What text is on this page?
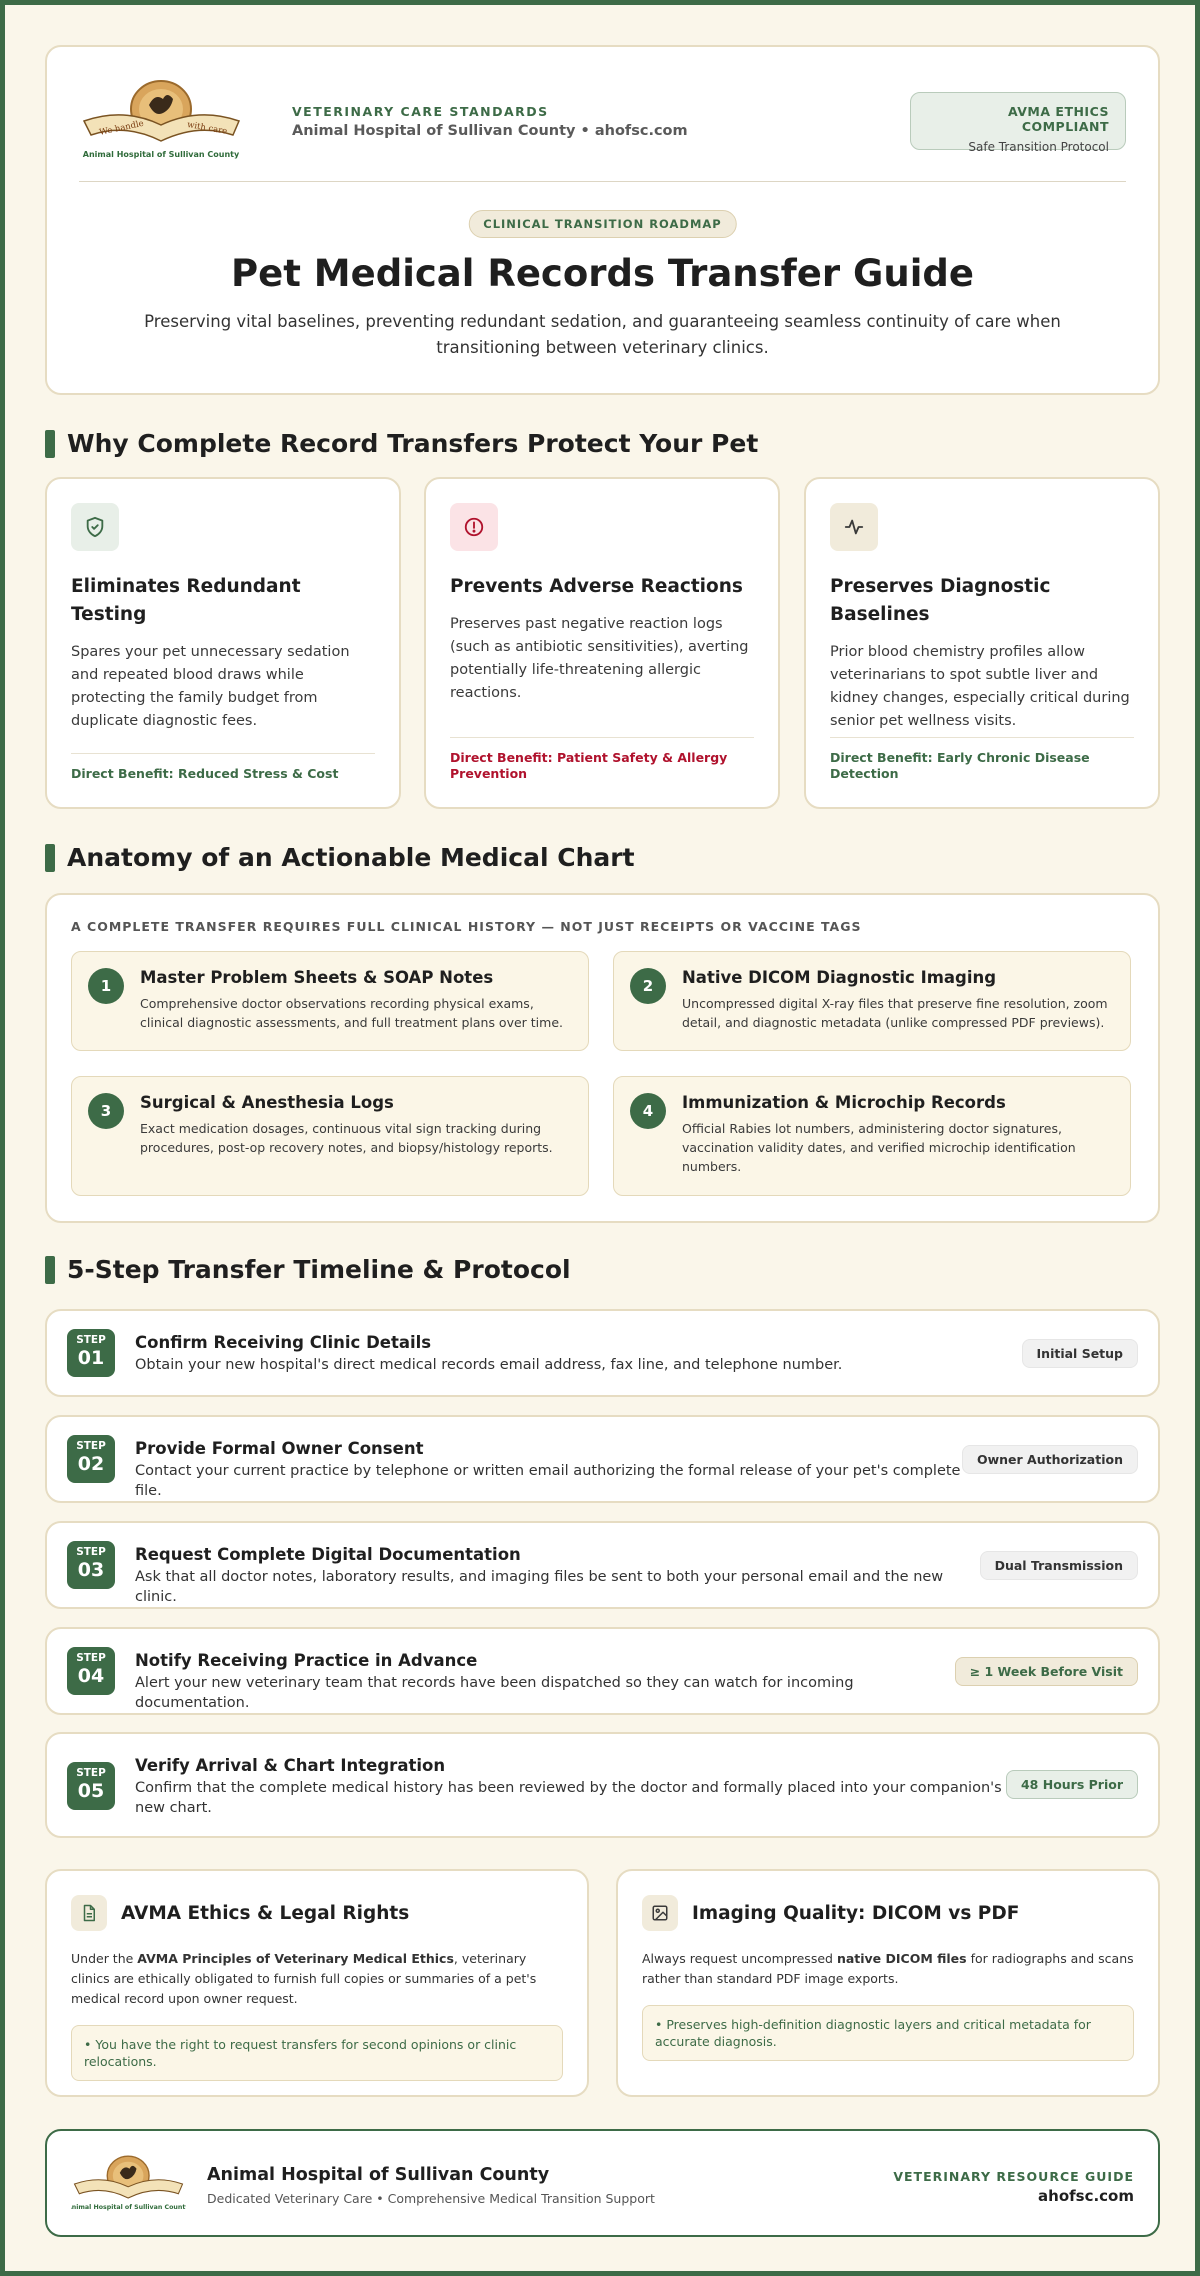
We handle	with care
Animal Hospital of Sullivan County
VETERINARY CARE STANDARDS
Animal Hospital of Sullivan County • ahofsc.com
AVMA ETHICS COMPLIANT
Safe Transition Protocol
CLINICAL TRANSITION ROADMAP
Pet Medical Records Transfer Guide

Preserving vital baselines, preventing redundant sedation, and guaranteeing seamless continuity of care when transitioning between veterinary clinics.

Why Complete Record Transfers Protect Your Pet
Eliminates Redundant Testing

Spares your pet unnecessary sedation and repeated blood draws while protecting the family budget from duplicate diagnostic fees.

Direct Benefit: Reduced Stress & Cost
Prevents Adverse Reactions

Preserves past negative reaction logs (such as antibiotic sensitivities), averting potentially life-threatening allergic reactions.

Direct Benefit: Patient Safety & Allergy Prevention
Preserves Diagnostic Baselines

Prior blood chemistry profiles allow veterinarians to spot subtle liver and kidney changes, especially critical during senior pet wellness visits.

Direct Benefit: Early Chronic Disease Detection
Anatomy of an Actionable Medical Chart
A COMPLETE TRANSFER REQUIRES FULL CLINICAL HISTORY — NOT JUST RECEIPTS OR VACCINE TAGS
1	Master Problem Sheets & SOAP Notes

Comprehensive doctor observations recording physical exams, clinical diagnostic assessments, and full treatment plans over time.

2	Native DICOM Diagnostic Imaging

Uncompressed digital X-ray files that preserve fine resolution, zoom detail, and diagnostic metadata (unlike compressed PDF previews).

3	Surgical & Anesthesia Logs

Exact medication dosages, continuous vital sign tracking during procedures, post-op recovery notes, and biopsy/histology reports.

4	Immunization & Microchip Records

Official Rabies lot numbers, administering doctor signatures, vaccination validity dates, and verified microchip identification numbers.

5-Step Transfer Timeline & Protocol
STEP
01
Confirm Receiving Clinic Details

Obtain your new hospital's direct medical records email address, fax line, and telephone number.

Initial Setup
STEP
02
Provide Formal Owner Consent

Contact your current practice by telephone or written email authorizing the formal release of your pet's complete file.

Owner Authorization
STEP
03
Request Complete Digital Documentation

Ask that all doctor notes, laboratory results, and imaging files be sent to both your personal email and the new clinic.

Dual Transmission
STEP
04
Notify Receiving Practice in Advance

Alert your new veterinary team that records have been dispatched so they can watch for incoming documentation.

≥ 1 Week Before Visit
STEP
05
Verify Arrival & Chart Integration

Confirm that the complete medical history has been reviewed by the doctor and formally placed into your companion's new chart.

48 Hours Prior
AVMA Ethics & Legal Rights

Under the AVMA Principles of Veterinary Medical Ethics, veterinary clinics are ethically obligated to furnish full copies or summaries of a pet's medical record upon owner request.

• You have the right to request transfers for second opinions or clinic relocations.
Imaging Quality: DICOM vs PDF

Always request uncompressed native DICOM files for radiographs and scans rather than standard PDF image exports.

• Preserves high-definition diagnostic layers and critical metadata for accurate diagnosis.
Animal Hospital of Sullivan County
Animal Hospital of Sullivan County
Dedicated Veterinary Care • Comprehensive Medical Transition Support
VETERINARY RESOURCE GUIDE
ahofsc.com
